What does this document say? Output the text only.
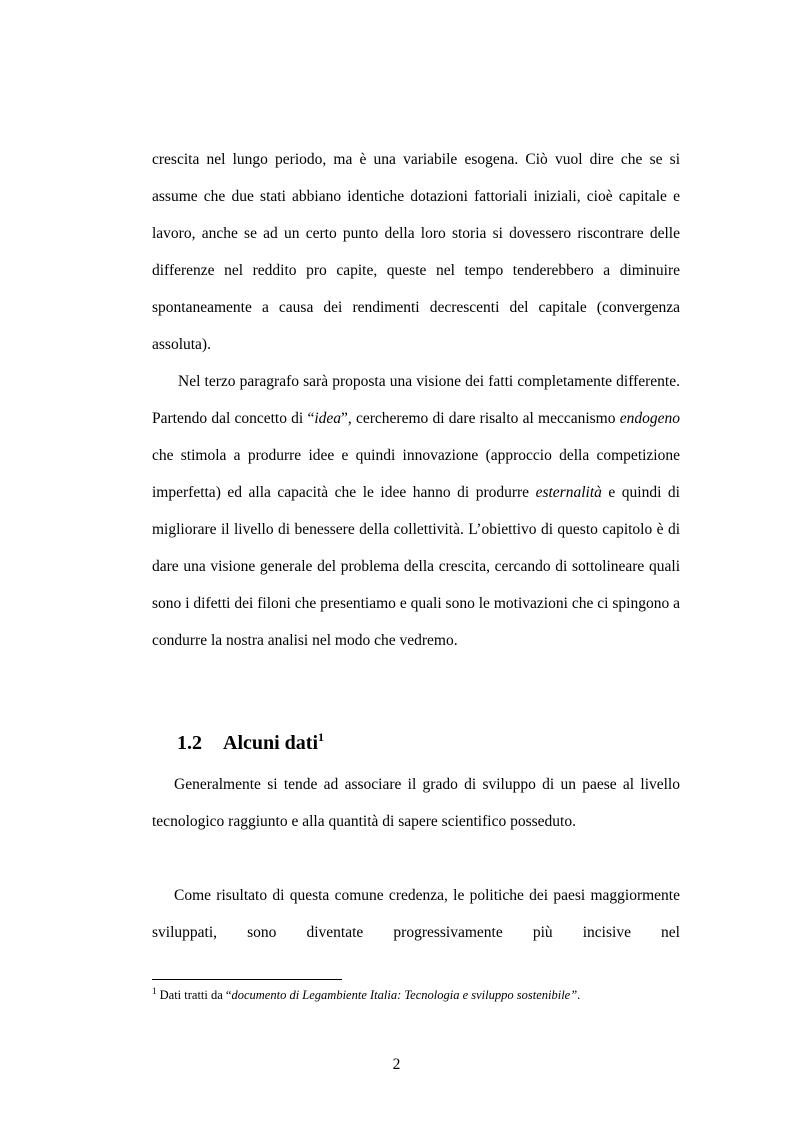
crescita nel lungo periodo, ma è una variabile esogena. Ciò vuol dire che se si assume che due stati abbiano identiche dotazioni fattoriali iniziali, cioè capitale e lavoro, anche se ad un certo punto della loro storia si dovessero riscontrare delle differenze nel reddito pro capite, queste nel tempo tenderebbero a diminuire spontaneamente a causa dei rendimenti decrescenti del capitale (convergenza assoluta).

Nel terzo paragrafo sarà proposta una visione dei fatti completamente differente. Partendo dal concetto di “idea”, cercheremo di dare risalto al meccanismo endogeno che stimola a produrre idee e quindi innovazione (approccio della competizione imperfetta) ed alla capacità che le idee hanno di produrre esternalità e quindi di migliorare il livello di benessere della collettività. L’obiettivo di questo capitolo è di dare una visione generale del problema della crescita, cercando di sottolineare quali sono i difetti dei filoni che presentiamo e quali sono le motivazioni che ci spingono a condurre la nostra analisi nel modo che vedremo.

1.2 Alcuni dati$^1$

Generalmente si tende ad associare il grado di sviluppo di un paese al livello tecnologico raggiunto e alla quantità di sapere scientifico posseduto.

Come risultato di questa comune credenza, le politiche dei paesi maggiormente sviluppati, sono diventate progressivamente più incisive nel

$^1$ Dati tratti da “documento di Legambiente Italia: Tecnologia e sviluppo sostenibile”.

2
